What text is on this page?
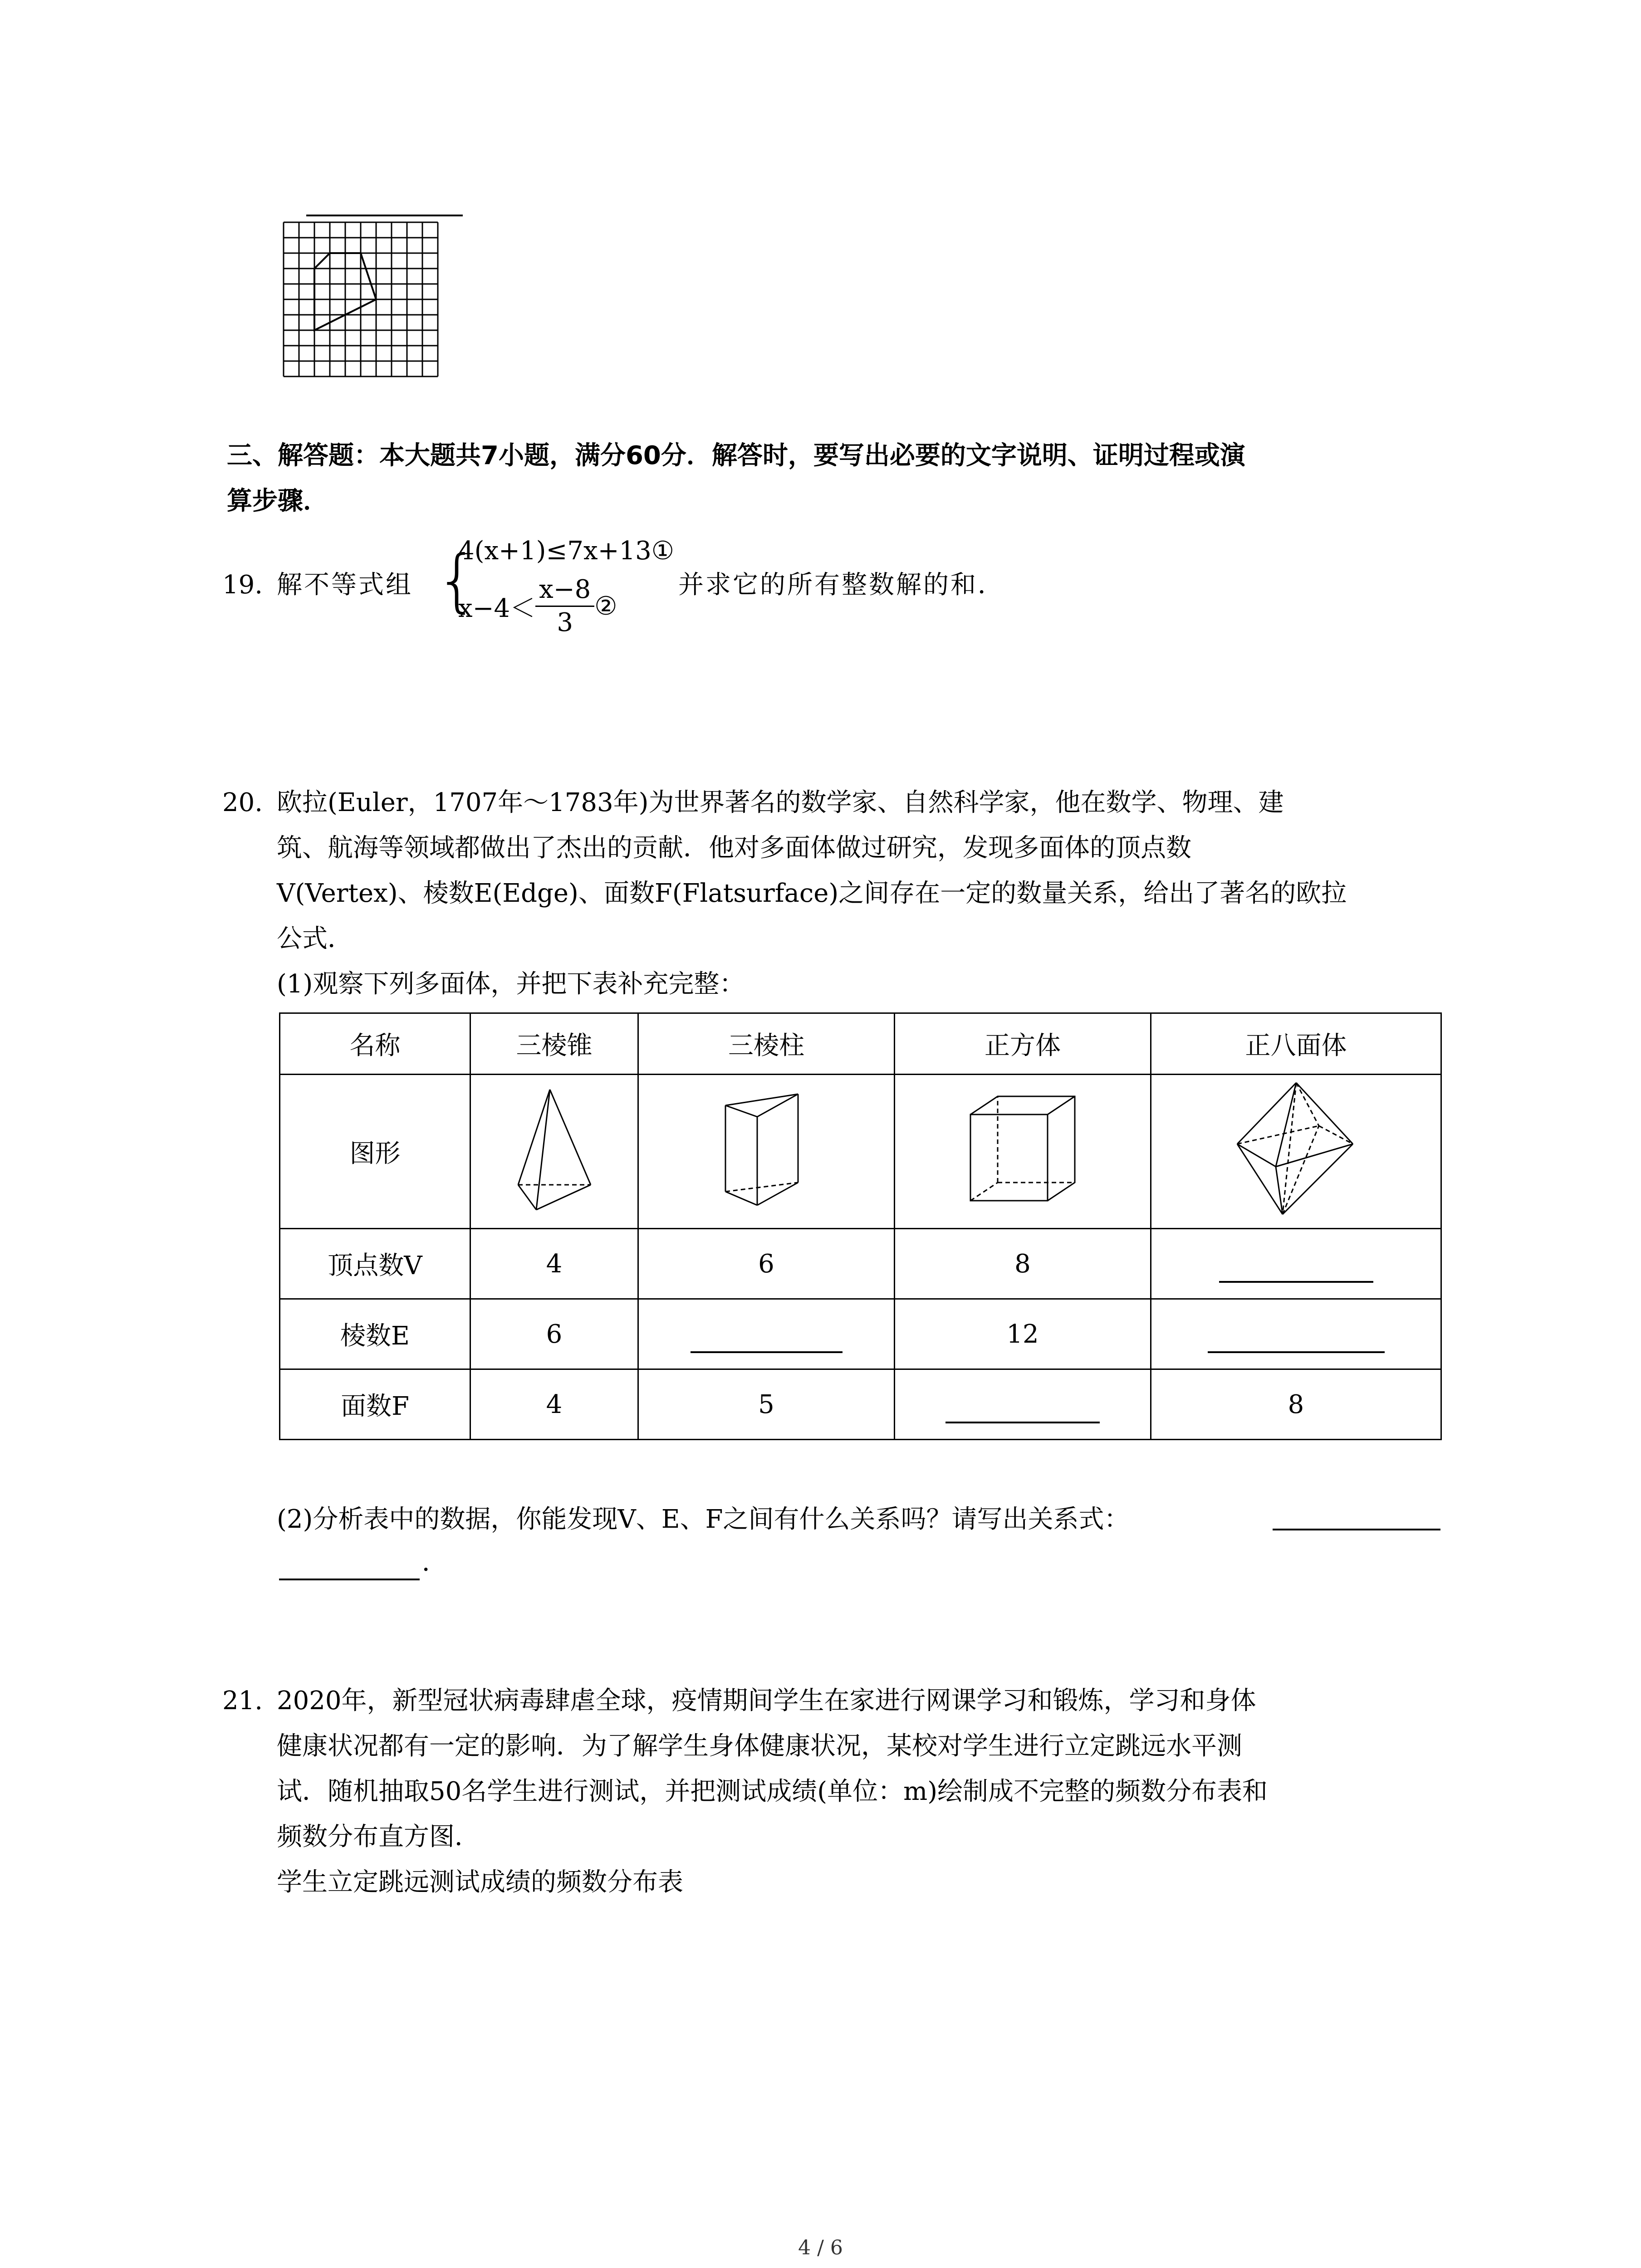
三、解答题：本大题共7小题，满分60分．解答时，要写出必要的文字说明、证明过程或演
算步骤．
19. 解不等式组 {
4(x+1)≤7x+13①
$x-4< \frac{x-8}{3}$ ②
并求它的所有整数解的和．
20. 欧拉(Euler，1707年～1783年)为世界著名的数学家、自然科学家，他在数学、物理、建
筑、航海等领域都做出了杰出的贡献．他对多面体做过研究，发现多面体的顶点数
V(Vertex)、棱数E(Edge)、面数F(Flatsurface)之间存在一定的数量关系，给出了著名的欧拉
公式．
(1)观察下列多面体，并把下表补充完整：
名称	三棱锥	三棱柱	正方体	正八面体
图形				
顶点数V	4	6	8	
棱数E	6		12	
面数F	4	5		8
(2)分析表中的数据，你能发现V、E、F之间有什么关系吗？请写出关系式：
．
21. 2020年，新型冠状病毒肆虐全球，疫情期间学生在家进行网课学习和锻炼，学习和身体
健康状况都有一定的影响．为了解学生身体健康状况，某校对学生进行立定跳远水平测
试．随机抽取50名学生进行测试，并把测试成绩(单位：m)绘制成不完整的频数分布表和
频数分布直方图．
学生立定跳远测试成绩的频数分布表
4 / 6
